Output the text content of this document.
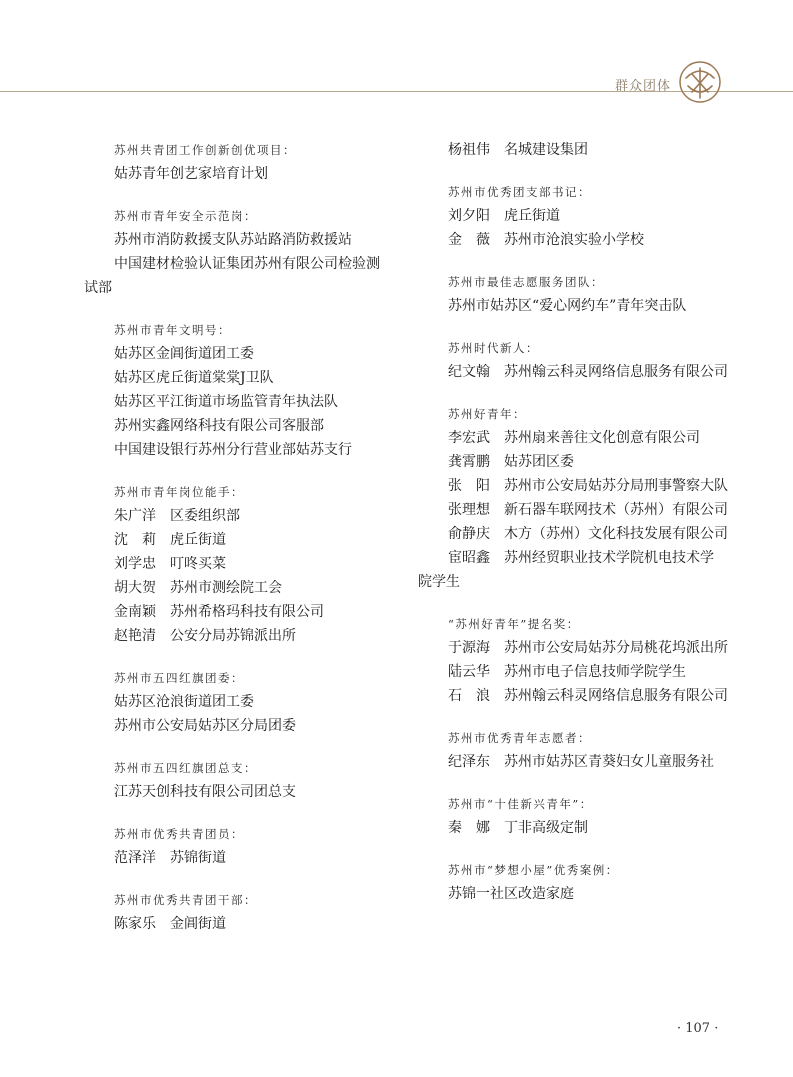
群众团体
苏州共青团工作创新创优项目：
姑苏青年创艺家培育计划
苏州市青年安全示范岗：
苏州市消防救援支队苏站路消防救援站
中国建材检验认证集团苏州有限公司检验测
试部
苏州市青年文明号：
姑苏区金阊街道团工委
姑苏区虎丘街道棠棠J卫队
姑苏区平江街道市场监管青年执法队
苏州实鑫网络科技有限公司客服部
中国建设银行苏州分行营业部姑苏支行
苏州市青年岗位能手：
朱广洋　区委组织部
沈　莉　虎丘街道
刘学忠　叮咚买菜
胡大贺　苏州市测绘院工会
金南颖　苏州希格玛科技有限公司
赵艳清　公安分局苏锦派出所
苏州市五四红旗团委：
姑苏区沧浪街道团工委
苏州市公安局姑苏区分局团委
苏州市五四红旗团总支：
江苏天创科技有限公司团总支
苏州市优秀共青团员：
范泽洋　苏锦街道
苏州市优秀共青团干部：
陈家乐　金阊街道
杨祖伟　名城建设集团
苏州市优秀团支部书记：
刘夕阳　虎丘街道
金　薇　苏州市沧浪实验小学校
苏州市最佳志愿服务团队：
苏州市姑苏区“爱心网约车”青年突击队
苏州时代新人：
纪文翰　苏州翰云科灵网络信息服务有限公司
苏州好青年：
李宏武　苏州扇来善往文化创意有限公司
龚霄鹏　姑苏团区委
张　阳　苏州市公安局姑苏分局刑事警察大队
张理想　新石器车联网技术（苏州）有限公司
俞静庆　木方（苏州）文化科技发展有限公司
宦昭鑫　苏州经贸职业技术学院机电技术学
院学生
“苏州好青年”提名奖：
于源海　苏州市公安局姑苏分局桃花坞派出所
陆云华　苏州市电子信息技师学院学生
石　浪　苏州翰云科灵网络信息服务有限公司
苏州市优秀青年志愿者：
纪泽东　苏州市姑苏区青葵妇女儿童服务社
苏州市“十佳新兴青年”：
秦　娜　丁非高级定制
苏州市“梦想小屋”优秀案例：
苏锦一社区改造家庭
· 107 ·
